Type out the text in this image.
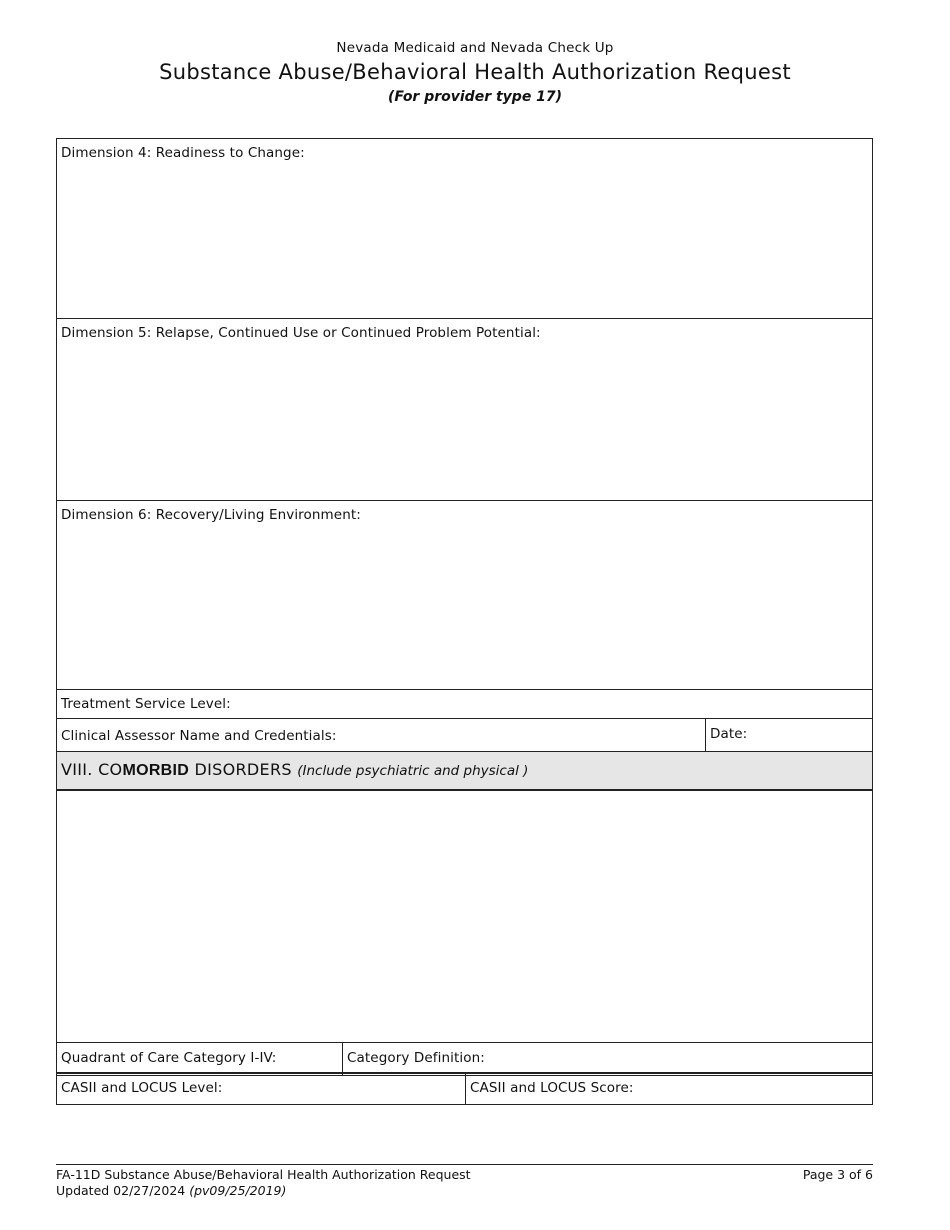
Nevada Medicaid and Nevada Check Up
Substance Abuse/Behavioral Health Authorization Request
(For provider type 17)
Dimension 4: Readiness to Change:
Dimension 5: Relapse, Continued Use or Continued Problem Potential:
Dimension 6: Recovery/Living Environment:
Treatment Service Level:
Clinical Assessor Name and Credentials:	Date:
VIII. COMORBID DISORDERS (Include psychiatric and physical )
Quadrant of Care Category I-IV:	Category Definition:
CASII and LOCUS Level:	CASII and LOCUS Score:
FA-11D Substance Abuse/Behavioral Health Authorization Request
Updated 02/27/2024 (pv09/25/2019)
Page 3 of 6
